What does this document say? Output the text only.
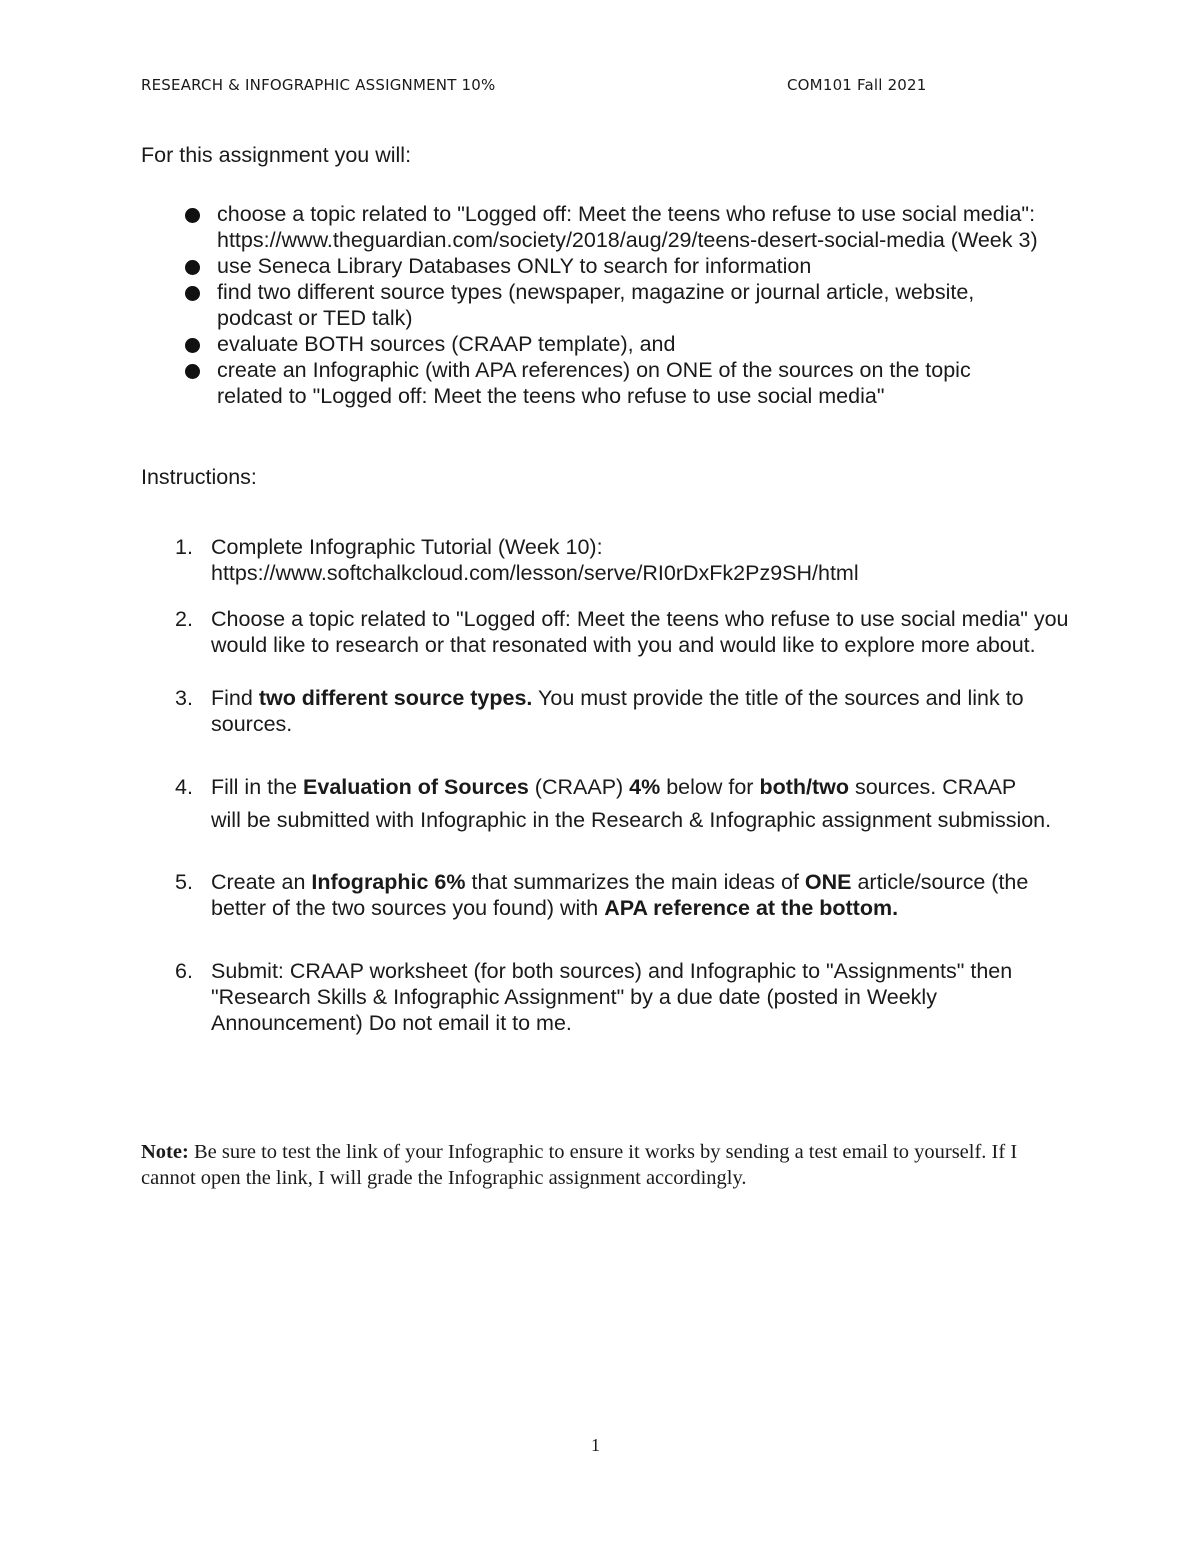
RESEARCH & INFOGRAPHIC ASSIGNMENT 10%	COM101 Fall 2021
For this assignment you will:
choose a topic related to "Logged off: Meet the teens who refuse to use social media": https://www.theguardian.com/society/2018/aug/29/teens-desert-social-media (Week 3)
use Seneca Library Databases ONLY to search for information
find two different source types (newspaper, magazine or journal article, website, podcast or TED talk)
evaluate BOTH sources (CRAAP template), and
create an Infographic (with APA references) on ONE of the sources on the topic related to "Logged off: Meet the teens who refuse to use social media"
Instructions:
1. Complete Infographic Tutorial (Week 10):
https://www.softchalkcloud.com/lesson/serve/RI0rDxFk2Pz9SH/html
2. Choose a topic related to "Logged off: Meet the teens who refuse to use social media" you would like to research or that resonated with you and would like to explore more about.
3. Find two different source types. You must provide the title of the sources and link to sources.
4. Fill in the Evaluation of Sources (CRAAP) 4% below for both/two sources. CRAAP
will be submitted with Infographic in the Research & Infographic assignment submission.
5. Create an Infographic 6% that summarizes the main ideas of ONE article/source (the better of the two sources you found) with APA reference at the bottom.
6. Submit: CRAAP worksheet (for both sources) and Infographic to "Assignments" then "Research Skills & Infographic Assignment" by a due date (posted in Weekly Announcement) Do not email it to me.
Note: Be sure to test the link of your Infographic to ensure it works by sending a test email to yourself. If I cannot open the link, I will grade the Infographic assignment accordingly.
1
